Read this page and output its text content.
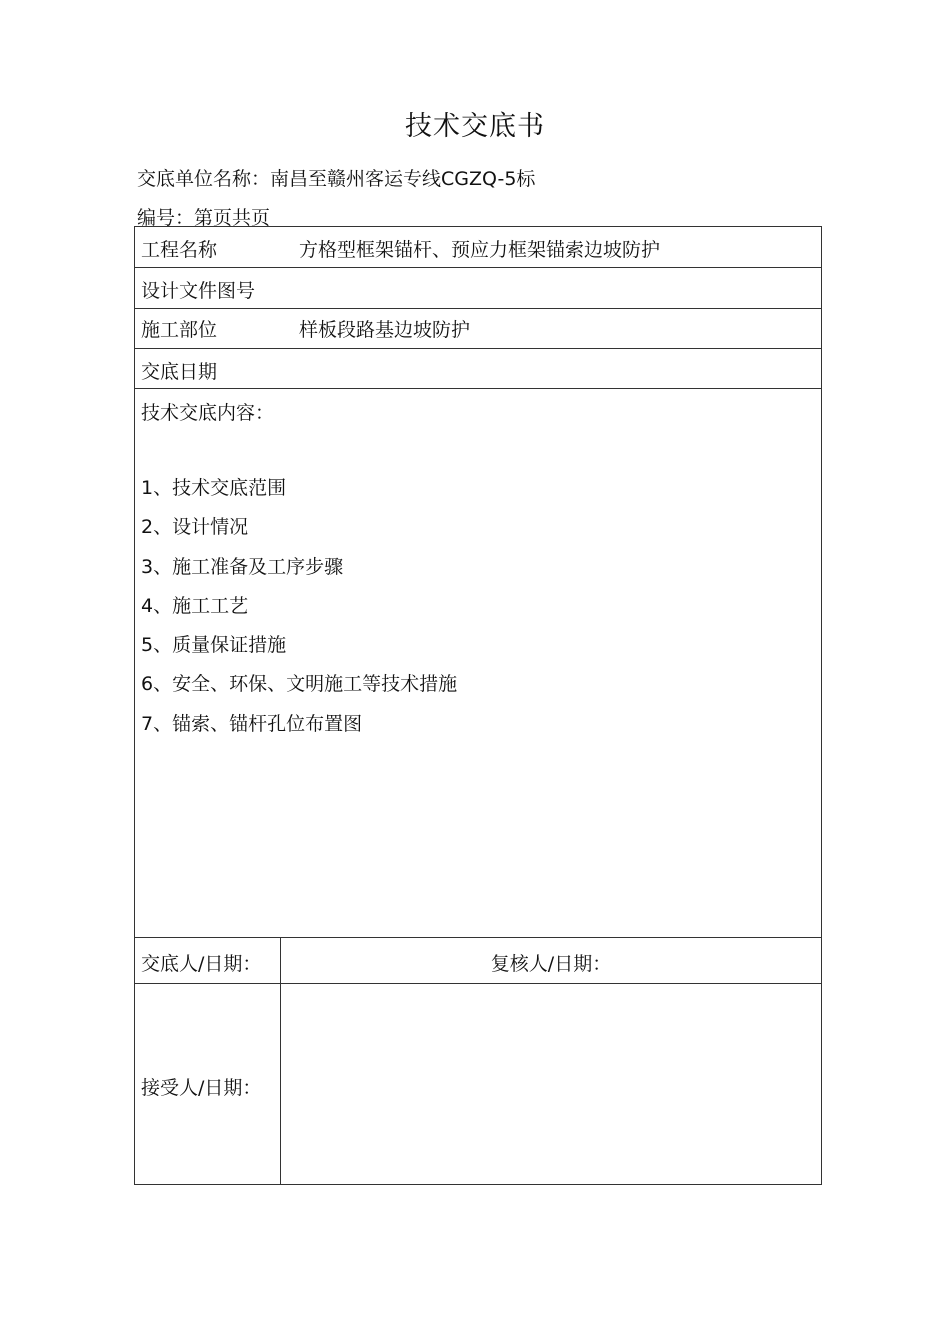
技术交底书
交底单位名称：南昌至赣州客运专线CGZQ-5标
编号：第页共页
工程名称	方格型框架锚杆、预应力框架锚索边坡防护
设计文件图号
施工部位	样板段路基边坡防护
交底日期
技术交底内容：
1、技术交底范围
2、设计情况
3、施工准备及工序步骤
4、施工工艺
5、质量保证措施
6、安全、环保、文明施工等技术措施
7、锚索、锚杆孔位布置图
交底人/日期：	复核人/日期：
接受人/日期：
